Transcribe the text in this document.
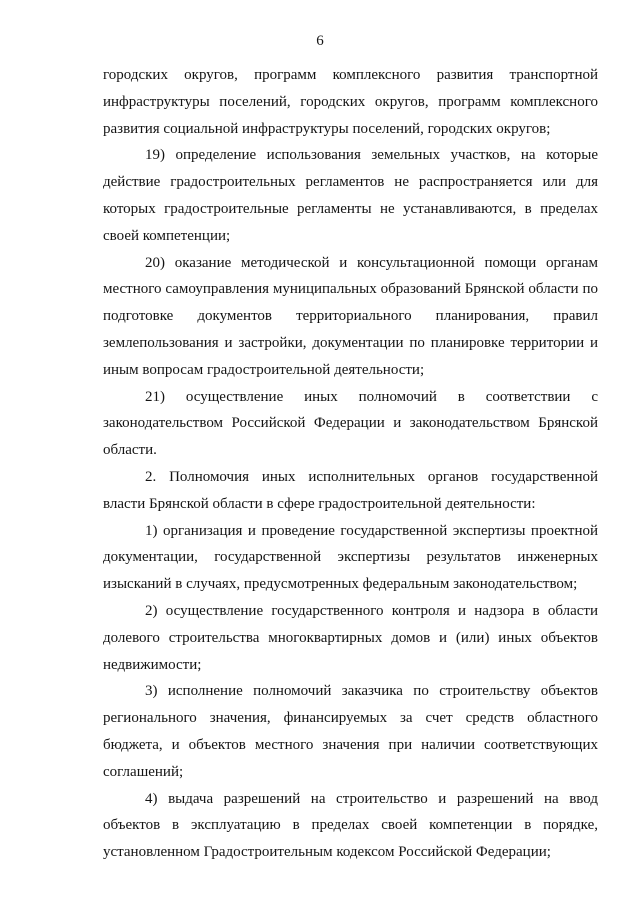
6

городских округов, программ комплексного развития транспортной инфраструктуры поселений, городских округов, программ комплексного развития социальной инфраструктуры поселений, городских округов;

19) определение использования земельных участков, на которые действие градостроительных регламентов не распространяется или для которых градостроительные регламенты не устанавливаются, в пределах своей компетенции;

20) оказание методической и консультационной помощи органам местного самоуправления муниципальных образований Брянской области по подготовке документов территориального планирования, правил землепользования и застройки, документации по планировке территории и иным вопросам градостроительной деятельности;

21) осуществление иных полномочий в соответствии с законодательством Российской Федерации и законодательством Брянской области.

2. Полномочия иных исполнительных органов государственной власти Брянской области в сфере градостроительной деятельности:

1) организация и проведение государственной экспертизы проектной документации, государственной экспертизы результатов инженерных изысканий в случаях, предусмотренных федеральным законодательством;

2) осуществление государственного контроля и надзора в области долевого строительства многоквартирных домов и (или) иных объектов недвижимости;

3) исполнение полномочий заказчика по строительству объектов регионального значения, финансируемых за счет средств областного бюджета, и объектов местного значения при наличии соответствующих соглашений;

4) выдача разрешений на строительство и разрешений на ввод объектов в эксплуатацию в пределах своей компетенции в порядке, установленном Градостроительным кодексом Российской Федерации;
